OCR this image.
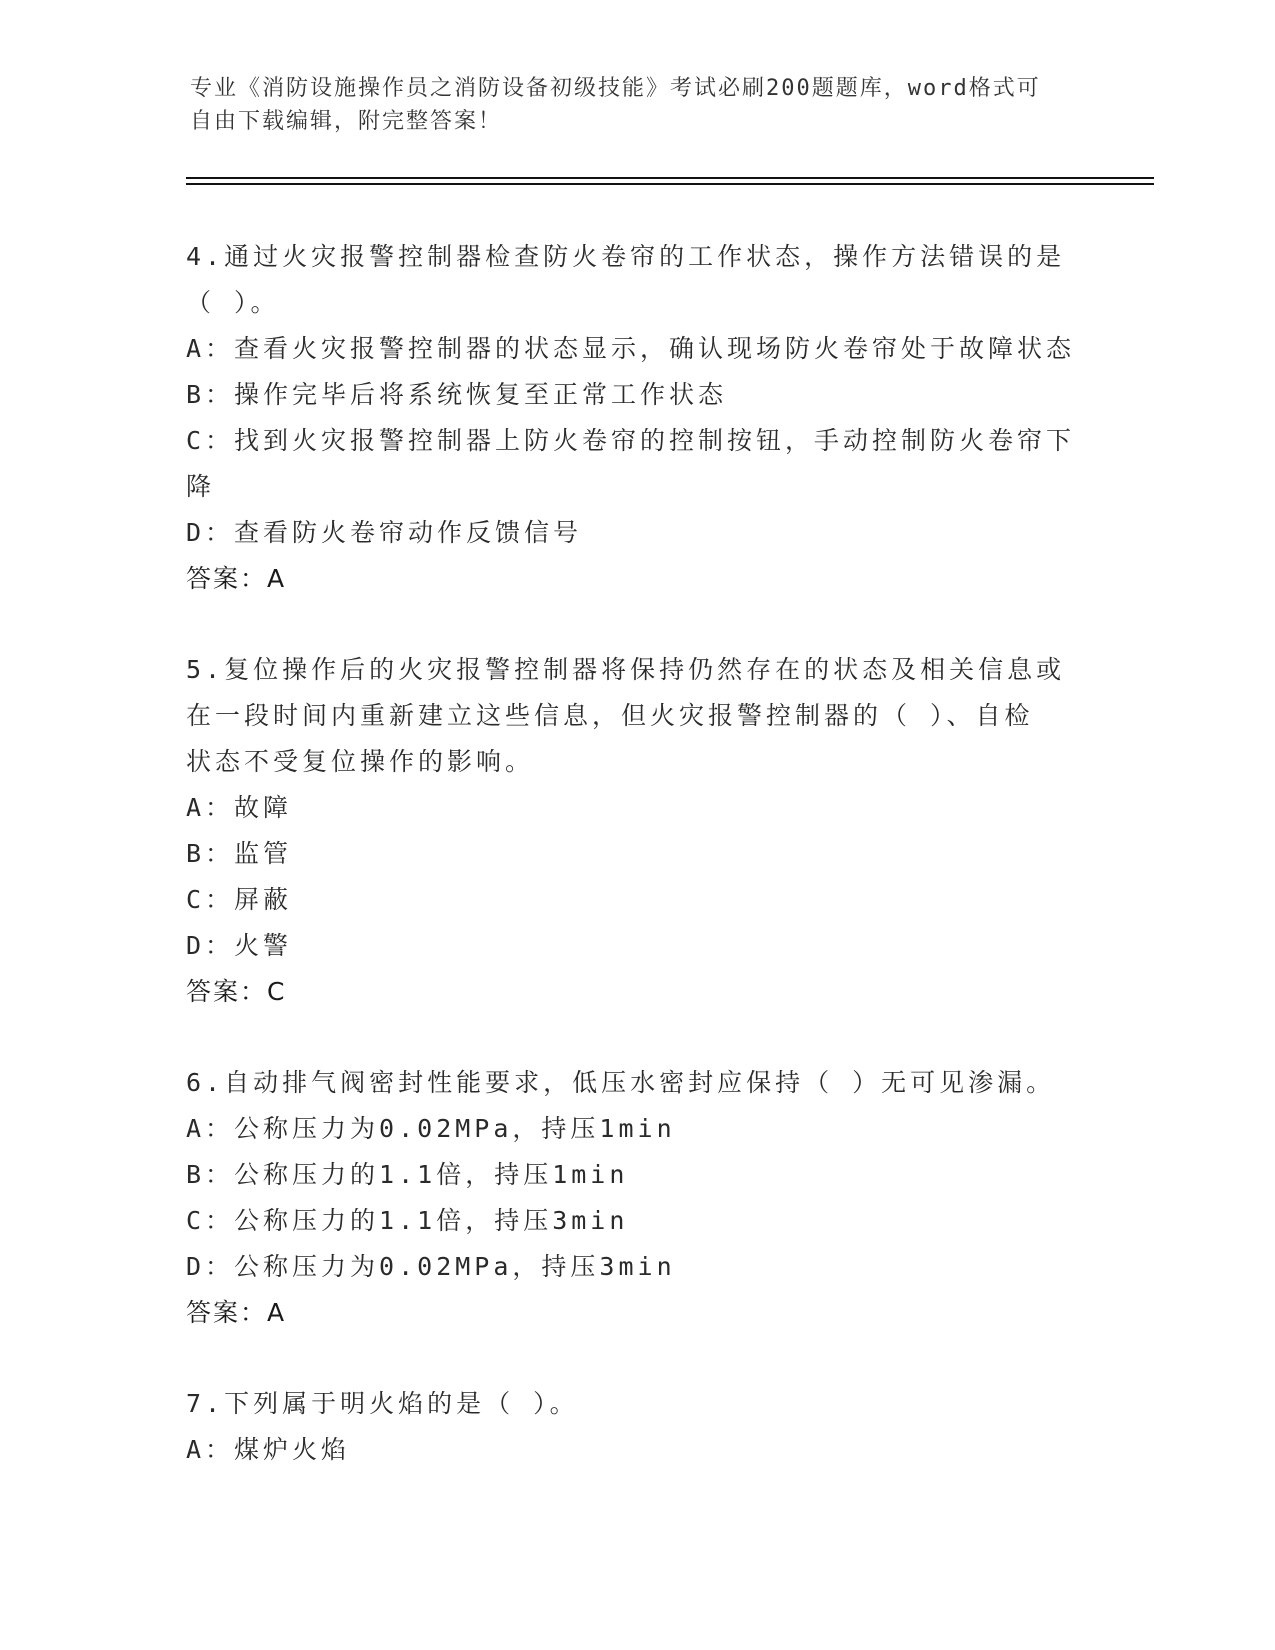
专业《消防设施操作员之消防设备初级技能》考试必刷200题题库，word格式可
自由下载编辑，附完整答案！
4.通过火灾报警控制器检查防火卷帘的工作状态，操作方法错误的是
（ ）。
A：查看火灾报警控制器的状态显示，确认现场防火卷帘处于故障状态
B：操作完毕后将系统恢复至正常工作状态
C：找到火灾报警控制器上防火卷帘的控制按钮，手动控制防火卷帘下
降
D：查看防火卷帘动作反馈信号
答案：A
5.复位操作后的火灾报警控制器将保持仍然存在的状态及相关信息或
在一段时间内重新建立这些信息，但火灾报警控制器的（ ）、自检
状态不受复位操作的影响。
A：故障
B：监管
C：屏蔽
D：火警
答案：C
6.自动排气阀密封性能要求，低压水密封应保持（ ）无可见渗漏。
A：公称压力为0.02MPa，持压1min
B：公称压力的1.1倍，持压1min
C：公称压力的1.1倍，持压3min
D：公称压力为0.02MPa，持压3min
答案：A
7.下列属于明火焰的是（ ）。
A：煤炉火焰
